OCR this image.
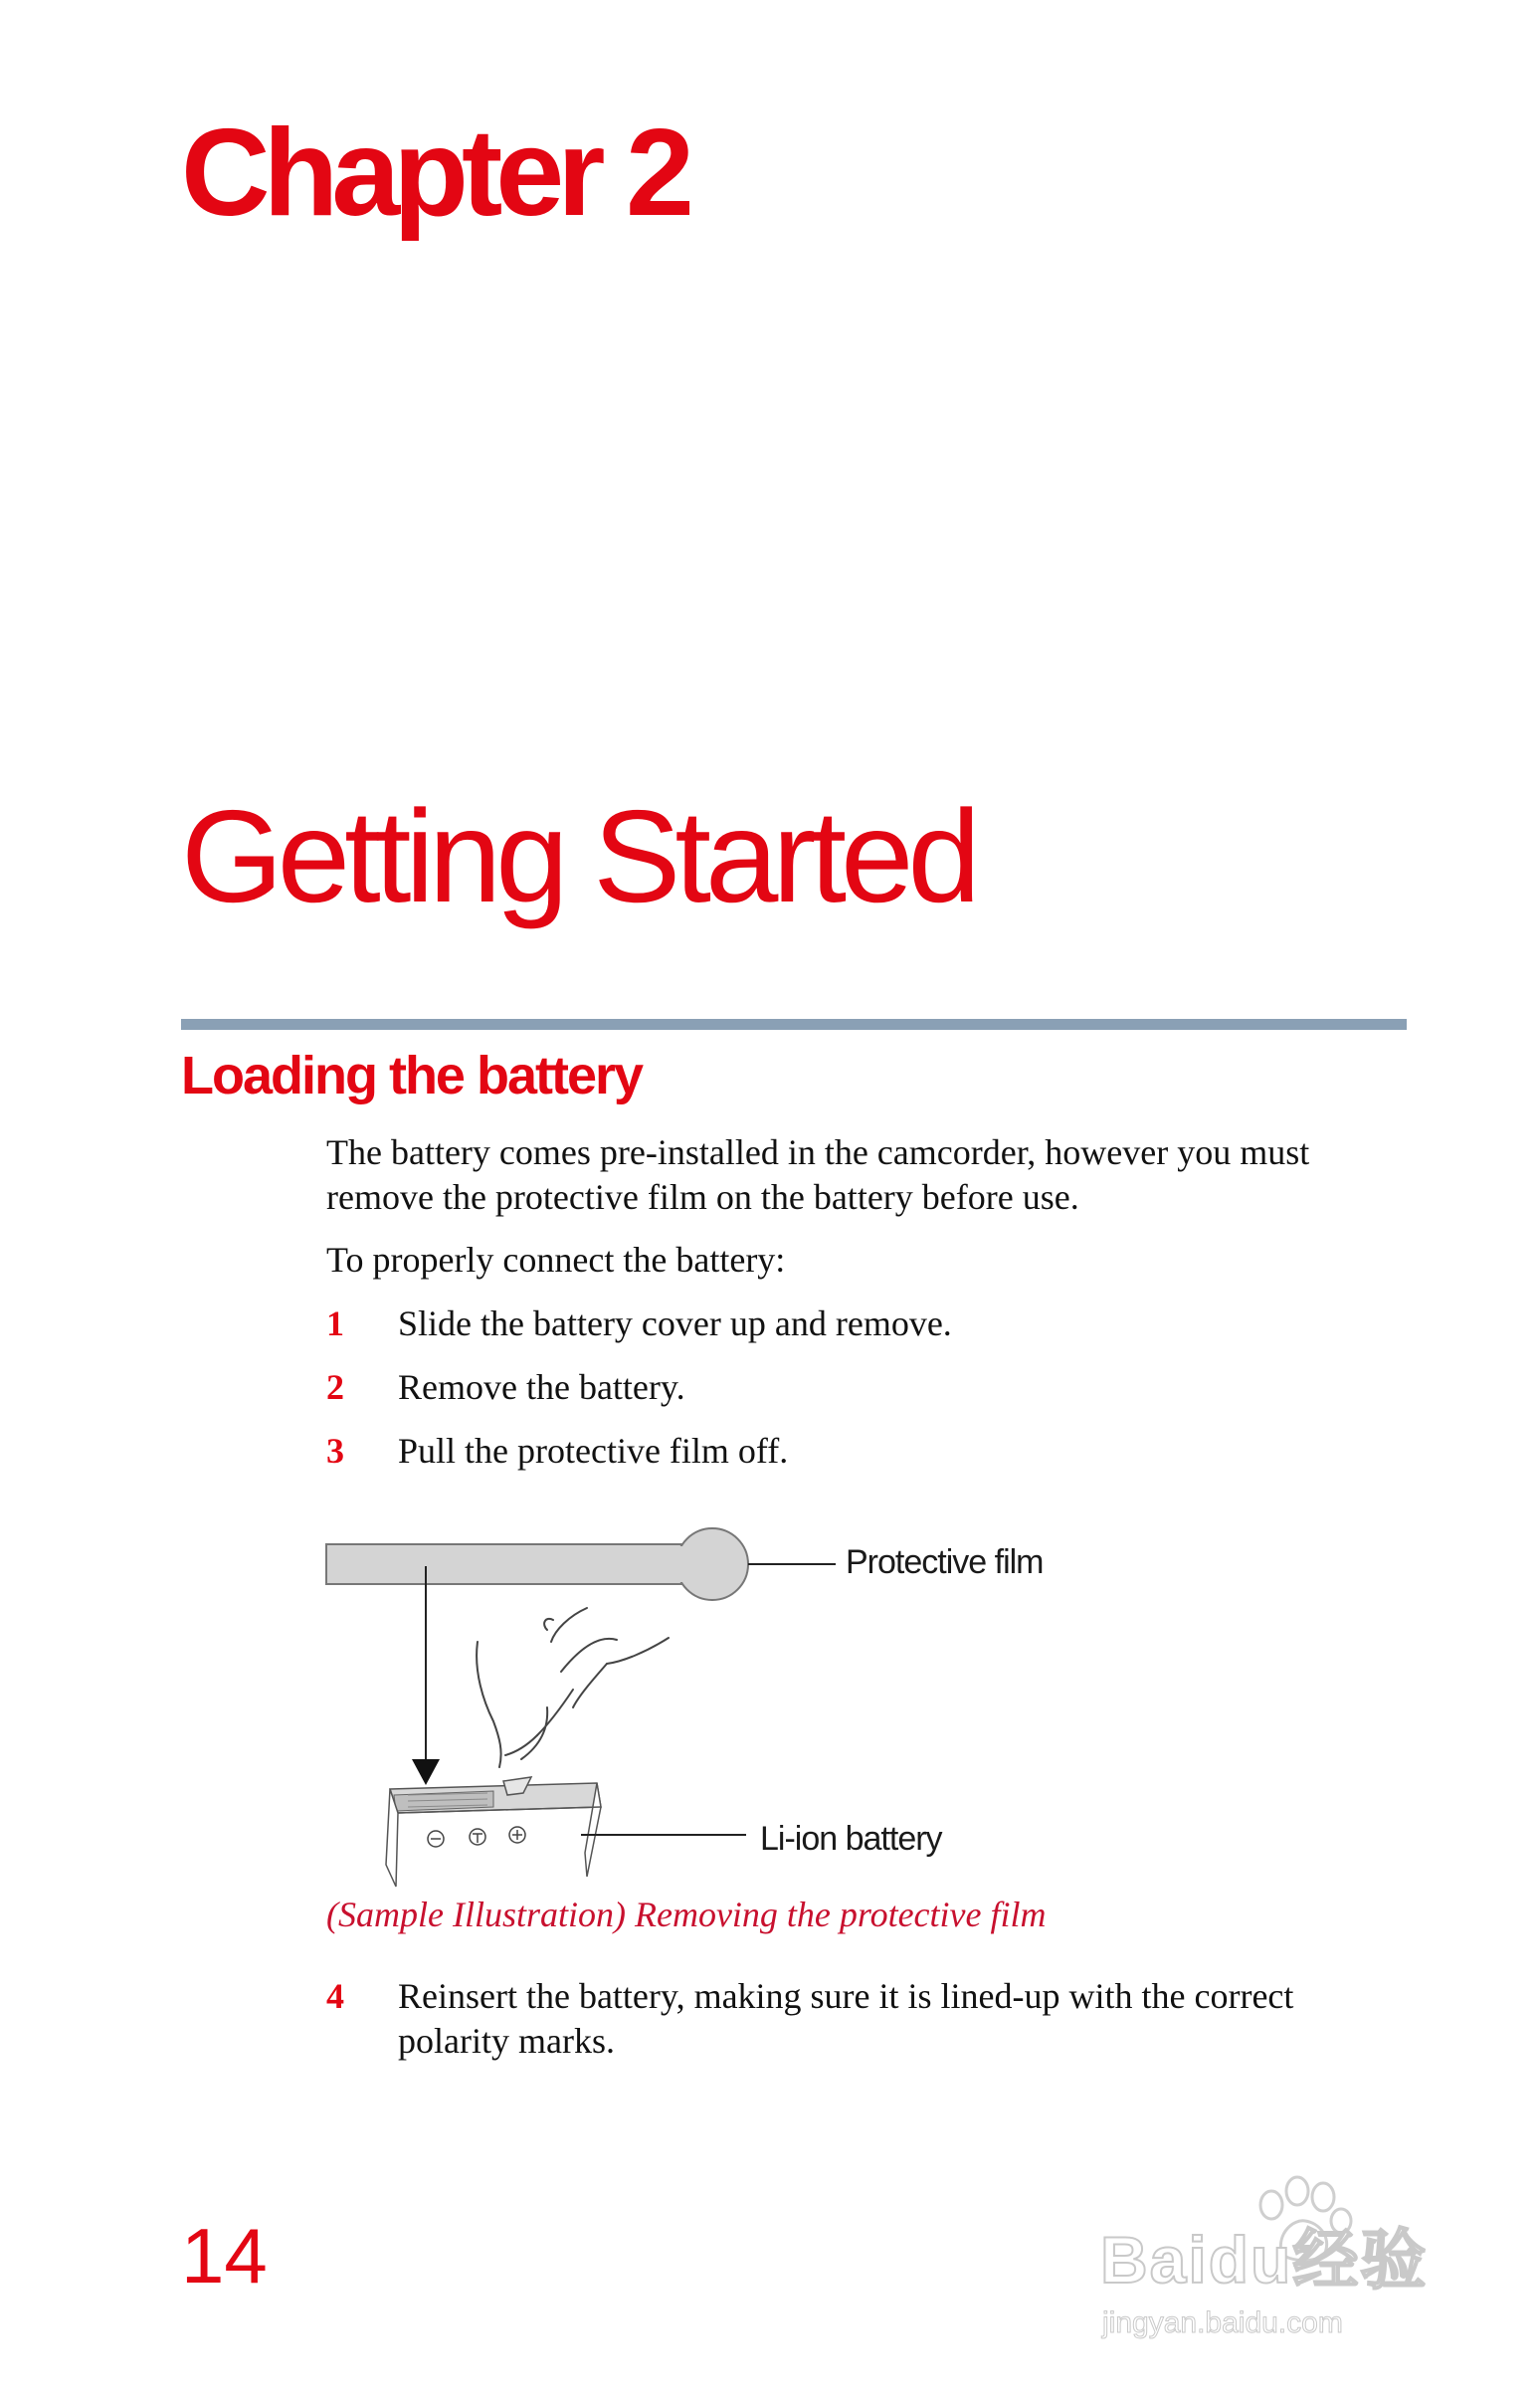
Chapter 2
Getting Started
Loading the battery

The battery comes pre-installed in the camcorder, however you must remove the protective film on the battery before use.

To properly connect the battery:

1 Slide the battery cover up and remove.
2 Remove the battery.
3 Pull the protective film off.
Protective film
Li-ion battery
(Sample Illustration) Removing the protective film
4 Reinsert the battery, making sure it is lined-up with the correct polarity marks.
14	Baidu经验
jingyan.baidu.com
